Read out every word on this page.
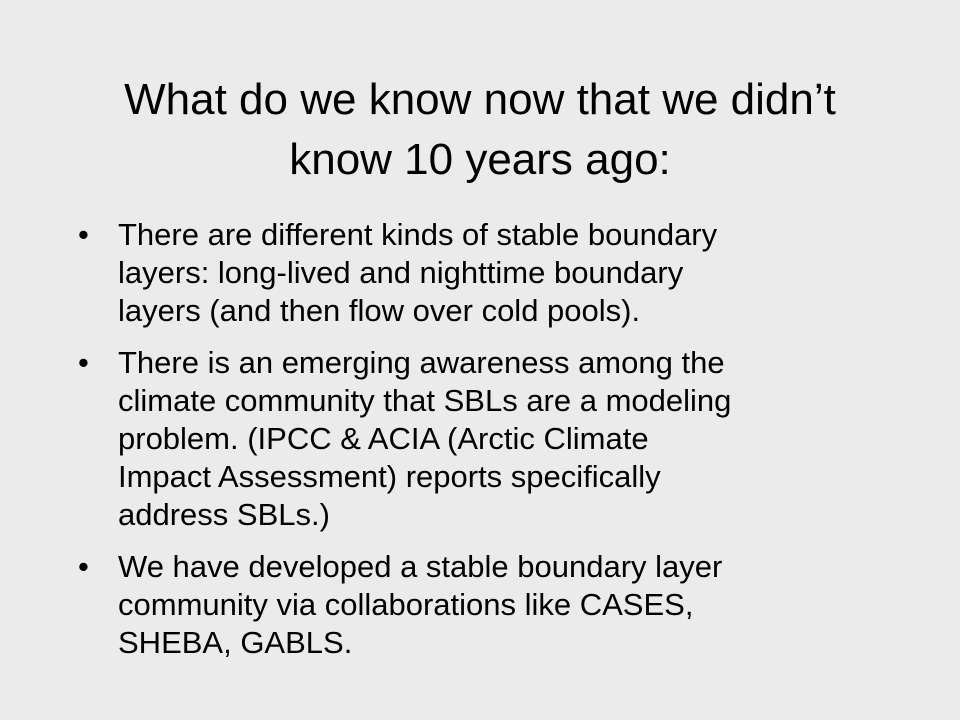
What do we know now that we didn’t
know 10 years ago:
• There are different kinds of stable boundary
layers: long-lived and nighttime boundary
layers (and then flow over cold pools).
• There is an emerging awareness among the
climate community that SBLs are a modeling
problem. (IPCC & ACIA (Arctic Climate
Impact Assessment) reports specifically
address SBLs.)
• We have developed a stable boundary layer
community via collaborations like CASES,
SHEBA, GABLS.
